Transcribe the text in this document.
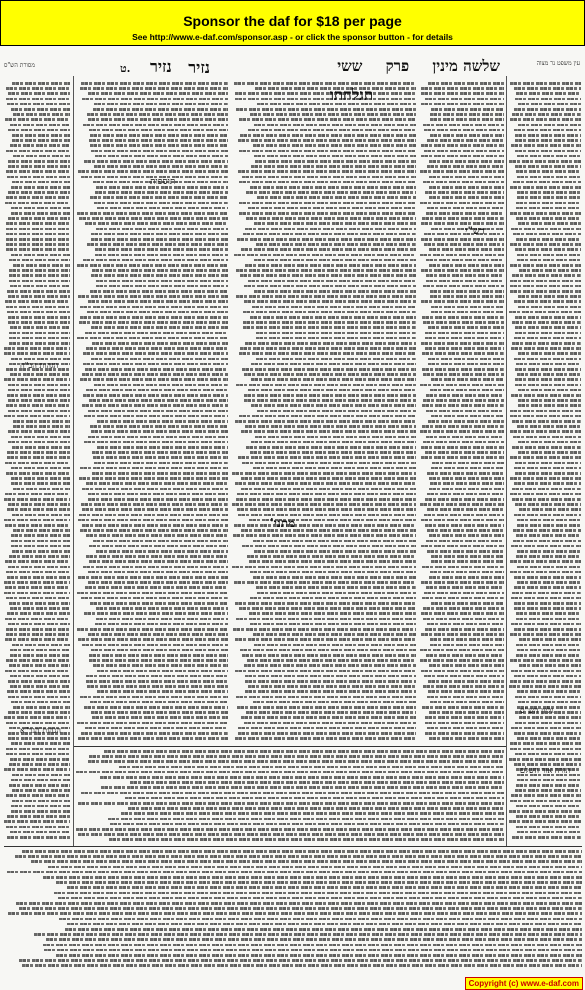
Sponsor the daf for $18 per page
See http://www.e-daf.com/sponsor.asp - or click the sponsor button - for details
ט.	נזיר	שלשה מינין פרק ששי
נזיר	עין משפט נר מצוה
מסורת הש"ס
תגלחתו
מתני'
רש"י
תוספות
הגהות הב"ח
הגהות הגר"א
גליון הש"ס
תורה אור השלם
Copyright (c) www.e-daf.com
